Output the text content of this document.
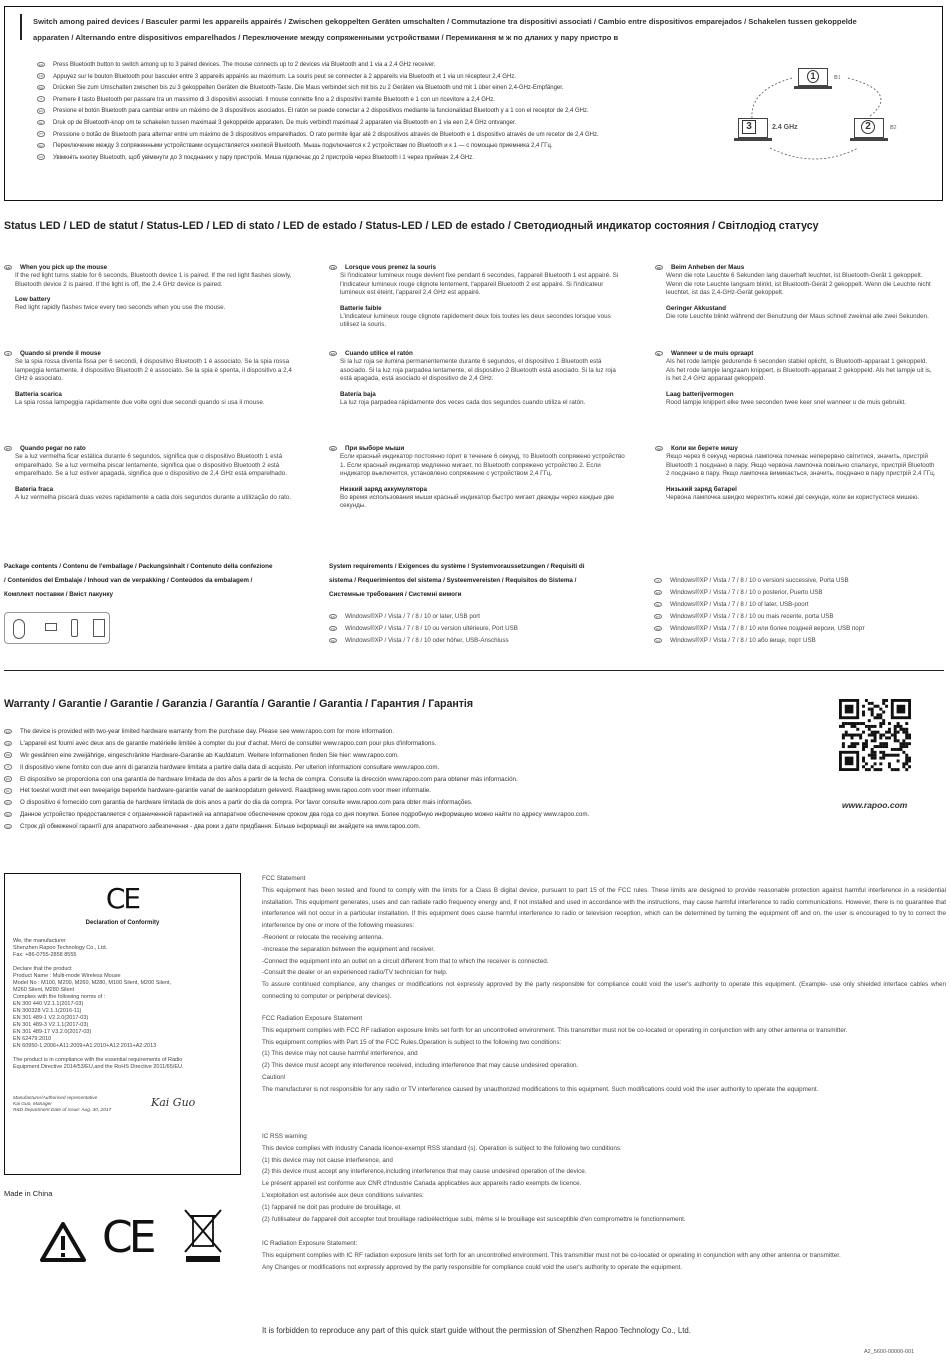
Switch among paired devices / Basculer parmi les appareils appairés / Zwischen gekoppelten Geräten umschalten / Commutazione tra dispositivi associati / Cambio entre dispositivos emparejados / Schakelen tussen gekoppelde apparaten / Alternando entre dispositivos emparelhados / Переключение между сопряженными устройствами / Перемикання м ж по дланих у пару пристро в
EN Press Bluetooth button to switch among up to 3 paired devices. The mouse connects up to 2 devices via Bluetooth and 1 via a 2.4 GHz receiver.
FR Appuyez sur le bouton Bluetooth pour basculer entre 3 appareils appairés au maximum. La souris peut se connecter à 2 appareils via Bluetooth et 1 via un récepteur 2,4 GHz.
DE Drücken Sie zum Umschalten zwischen bis zu 3 gekoppelten Geräten die Bluetooth-Taste. Die Maus verbindet sich mit bis zu 2 Geräten via Bluetooth und mit 1 über einen 2,4-GHz-Empfänger.
IT Premere il tasto Bluetooth per passare tra un massimo di 3 dispositivi associati. Il mouse connette fino a 2 dispositivi tramite Bluetooth e 1 con un ricevitore a 2,4 GHz.
ES Presione el botón Bluetooth para cambiar entre un máximo de 3 dispositivos asociados. El ratón se puede conectar a 2 dispositivos mediante la funcionalidad Bluetooth y a 1 con el receptor de 2,4 GHz.
NL Druk op de Bluetooth-knop om te schakelen tussen maximaal 3 gekoppelde apparaten. De muis verbindt maximaal 2 apparaten via Bluetooth en 1 via een 2,4 GHz ontvanger.
PT Pressione o botão de Bluetooth para alternar entre um máximo de 3 dispositivos emparelhados. O rato permite ligar até 2 dispositivos através de Bluetooth e 1 dispositivo através de um recetor de 2,4 GHz.
RU Переключение между 3 сопряженными устройствами осуществляется кнопкой Bluetooth. Мышь подключается к 2 устройствам по Bluetooth и к 1 — с помощью приемника 2,4 ГГц.
UA Увімкніть кнопку Bluetooth, щоб увімкнути до 3 поєднаних у пару пристроїв. Миша підключає до 2 пристроїв через Bluetooth і 1 через приймач 2,4 GHz.
1	ʙ1
3	2.4 GHz	2	ʙ2
Status LED / LED de statut / Status-LED / LED di stato / LED de estado / Status-LED / LED de estado / Светодиодный индикатор состояния / Світлодіод статусу
EN When you pick up the mouse
If the red light turns stable for 6 seconds, Bluetooth device 1 is paired. If the red light flashes slowly, Bluetooth device 2 is paired. If the light is off, the 2.4 GHz device is paired.
Low battery
Red light rapidly flashes twice every two seconds when you use the mouse.
FR Lorsque vous prenez la souris
Si l'indicateur lumineux rouge devient fixe pendant 6 secondes, l'appareil Bluetooth 1 est appairé. Si l'indicateur lumineux rouge clignote lentement, l'appareil Bluetooth 2 est appairé. Si l'indicateur lumineux est éteint, l'appareil 2,4 GHz est appairé.
Batterie faible
L'indicateur lumineux rouge clignote rapidement deux fois toutes les deux secondes lorsque vous utilisez la souris.
DE Beim Anheben der Maus
Wenn die rote Leuchte 6 Sekunden lang dauerhaft leuchtet, ist Bluetooth-Gerät 1 gekoppelt. Wenn die rote Leuchte langsam blinkt, ist Bluetooth-Gerät 2 gekoppelt. Wenn die Leuchte nicht leuchtet, ist das 2,4-GHz-Gerät gekoppelt.
Geringer Akkustand
Die rote Leuchte blinkt während der Benutzung der Maus schnell zweimal alle zwei Sekunden.
IT Quando si prende il mouse
Se la spia rossa diventa fissa per 6 secondi, il dispositivo Bluetooth 1 è associato. Se la spia rossa lampeggia lentamente, il dispositivo Bluetooth 2 è associato. Se la spia è spenta, il dispositivo a 2,4 GHz è associato.
Batteria scarica
La spia rossa lampeggia rapidamente due volte ogni due secondi quando si usa il mouse.
ES Cuando utilice el ratón
Si la luz roja se ilumina permanentemente durante 6 segundos, el dispositivo 1 Bluetooth está asociado. Si la luz roja parpadea lentamente, el dispositivo 2 Bluetooth está asociado. Si la luz roja está apagada, está asociado el dispositivo de 2,4 GHz.
Batería baja
La luz roja parpadea rápidamente dos veces cada dos segundos cuando utiliza el ratón.
NL Wanneer u de muis opraapt
Als het rode lampje gedurende 6 seconden stabiel oplicht, is Bluetooth-apparaat 1 gekoppeld. Als het rode lampje langzaam knippert, is Bluetooth-apparaat 2 gekoppeld. Als het lampje uit is, is het 2,4 GHz apparaat gekoppeld.
Laag batterijvermogen
Rood lampje knippert elke twee seconden twee keer snel wanneer u de muis gebruikt.
PT Quando pegar no rato
Se a luz vermelha ficar estática durante 6 segundos, significa que o dispositivo Bluetooth 1 está emparelhado. Se a luz vermelha piscar lentamente, significa que o dispositivo Bluetooth 2 está emparelhado. Se a luz estiver apagada, significa que o dispositivo de 2,4 GHz está emparelhado.
Bateria fraca
A luz vermelha piscará duas vezes rapidamente a cada dois segundos durante a utilização do rato.
RU При выборе мыши
Если красный индикатор постоянно горит в течение 6 секунд, то Bluetooth сопряжено устройство 1. Если красный индикатор медленно мигает, по Bluetooth сопряжено устройство 2. Если индикатор выключится, установлено сопряжение с устройством 2,4 ГГц.
Низкий заряд аккумулятора
Во время использования мыши красный индикатор быстро мигает дважды через каждые две секунды.
UA Коли ви берете мишу
Якщо через 6 секунд червона лампочка починає неперервно світитися, значить, пристрій Bluetooth 1 поєднано в пару. Якщо червона лампочка повільно спалахує, пристрій Bluetooth 2 поєднано в пару. Якщо лампочка вимикається, значить, поєднано в пару пристрій 2,4 ГГц.
Низький заряд батареї
Червона лампочка швидко мерехтить кожні дві секунди, коли ви користуєтеся мишею.
Package contents / Contenu de l'emballage / Packungsinhalt / Contenuto della confezione
/ Contenidos del Embalaje / Inhoud van de verpakking / Conteúdos da embalagem /
Комплект поставки / Вміст пакунку
System requirements / Exigences du système / Systemvoraussetzungen / Requisiti di
sistema / Requerimientos del sistema / Systeemvereisten / Requisitos do Sistema /
Системные требования / Системні вимоги
EN Windows®XP / Vista / 7 / 8 / 10 or later, USB port
FR Windows®XP / Vista / 7 / 8 / 10 ou version ultérieure, Port USB
DE Windows®XP / Vista / 7 / 8 / 10 oder höher, USB-Anschluss
IT Windows®XP / Vista / 7 / 8 / 10 o versioni successive, Porta USB
ES Windows®XP / Vista / 7 / 8 / 10 o posterior, Puerto USB
NL Windows®XP / Vista / 7 / 8 / 10 of later, USB-poort
PT Windows®XP / Vista / 7 / 8 / 10 ou mais recente, porta USB
RU Windows®XP / Vista / 7 / 8 / 10 или более поздней версии, USB порт
UA Windows®XP / Vista / 7 / 8 / 10 або вище, порт USB
Warranty / Garantie / Garantie / Garanzia / Garantía / Garantie / Garantia / Гарантия / Гарантія
EN The device is provided with two-year limited hardware warranty from the purchase day. Please see www.rapoo.com for more information.
FR L'appareil est fourni avec deux ans de garantie matérielle limitée à compter du jour d'achat. Merci de consulter www.rapoo.com pour plus d'informations.
DE Wir gewähren eine zweijährige, eingeschränkte Hardware-Garantie ab Kaufdatum. Weitere Informationen finden Sie hier: www.rapoo.com.
IT Il dispositivo viene fornito con due anni di garanzia hardware limitata a partire dalla data di acquisto. Per ulteriori informazioni consultare www.rapoo.com.
ES El dispositivo se proporciona con una garantía de hardware limitada de dos años a partir de la fecha de compra. Consulte la dirección www.rapoo.com para obtener más información.
NL Het toestel wordt met een tweejarige beperkte hardware-garantie vanaf de aankoopdatum geleverd. Raadpleeg www.rapoo.com voor meer informatie.
PT O dispositivo é fornecido com garantia de hardware limitada de dois anos a partir do dia da compra. Por favor consulte www.rapoo.com para obter mais informações.
RU Данное устройство предоставляется с ограниченной гарантией на аппаратное обеспечение сроком два года со дня покупки. Более подробную информацию можно найти по адресу www.rapoo.com.
UA Строк дії обмеженої гарантії для апаратного забезпечення - два роки з дати придбання. Більше інформації ви знайдете на www.rapoo.com.
www.rapoo.com
CE
Declaration of Conformity
We, the manufacturer
Shenzhen Rapoo Technology Co., Ltd.
Fax: +86-0755-2858 8555

Declare that the product
Product Name : Multi-mode Wireless Mouse
Model No : M100, M200, M260, M280, M100 Silent, M200 Silent,
M260 Silent, M280 Silent
Complies with the following norms of :
EN 300 440 V2.1.1(2017-03)
EN 300328 V2.1.1(2016-11)
EN 301 489-1 V2.2.0(2017-03)
EN 301 489-3 V2.1.1(2017-03)
EN 301 489-17 V3.2.0(2017-03)
EN 62479:2010
EN 60950-1:2006+A11:2009+A1:2010+A12:2011+A2:2013

The product is in compliance with the essential requirements of Radio
Equipment Directive 2014/53/EU,and the RoHS Directive 2011/65/EU.
Manufacturer/Authorised representative
Kai Guo, Manager
R&D Department Date of issue: Aug. 30, 2017
Kai Guo
Made in China
CE
FCC Statement
This equipment has been tested and found to comply with the limits for a Class B digital device, pursuant to part 15 of the FCC rules. These limits are designed to provide reasonable protection against harmful interference in a residential installation. This equipment generates, uses and can radiate radio frequency energy and, if not installed and used in accordance with the instructions, may cause harmful interference to radio communications. However, there is no guarantee that interference will not occur in a particular installation. If this equipment does cause harmful interference to radio or television reception, which can be determined by turning the equipment off and on, the user is encouraged to try to correct the interference by one or more of the following measures:
-Reorient or relocate the receiving antenna.
-Increase the separation between the equipment and receiver.
-Connect the equipment into an outlet on a circuit different from that to which the receiver is connected.
-Consult the dealer or an experienced radio/TV technician for help.
To assure continued compliance, any changes or modifications not expressly approved by the party responsible for compliance could void the user's authority to operate this equipment. (Example- use only shielded interface cables when connecting to computer or peripheral devices).
FCC Radiation Exposure Statement
This equipment complies with FCC RF radiation exposure limits set forth for an uncontrolled environment. This transmitter must not be co-located or operating in conjunction with any other antenna or transmitter.
This equipment complies with Part 15 of the FCC Rules.Operation is subject to the following two conditions:
(1) This device may not cause harmful interference, and
(2) This device must accept any interference received, including interference that may cause undesired operation.
Caution!
The manufacturer is not responsible for any radio or TV interference caused by unauthorized modifications to this equipment. Such modifications could void the user authority to operate the equipment.
IC RSS warning
This device complies with Industry Canada licence-exempt RSS standard (s). Operation is subject to the following two conditions:
(1) this device may not cause interference, and
(2) this device must accept any interference,including interference that may cause undesired operation of the device.
Le présent appareil est conforme aux CNR d'Industrie Canada applicables aux appareils radio exempts de licence.
L'exploitation est autorisée aux deux conditions suivantes:
(1) l'appareil ne doit pas produire de brouillage, et
(2) l'utilisateur de l'appareil doit accepter tout brouillage radioélectrique subi, même si le brouillage est susceptible d'en compromettre le fonctionnement.
IC Radiation Exposure Statement:
This equipment complies with IC RF radiation exposure limits set forth for an uncontrolled environment. This transmitter must not be co-located or operating in conjunction with any other antenna or transmitter.
Any Changes or modifications not expressly approved by the party responsible for compliance could void the user's authority to operate the equipment.
It is forbidden to reproduce any part of this quick start guide without the permission of Shenzhen Rapoo Technology Co., Ltd.
A2_5600-00000-001
